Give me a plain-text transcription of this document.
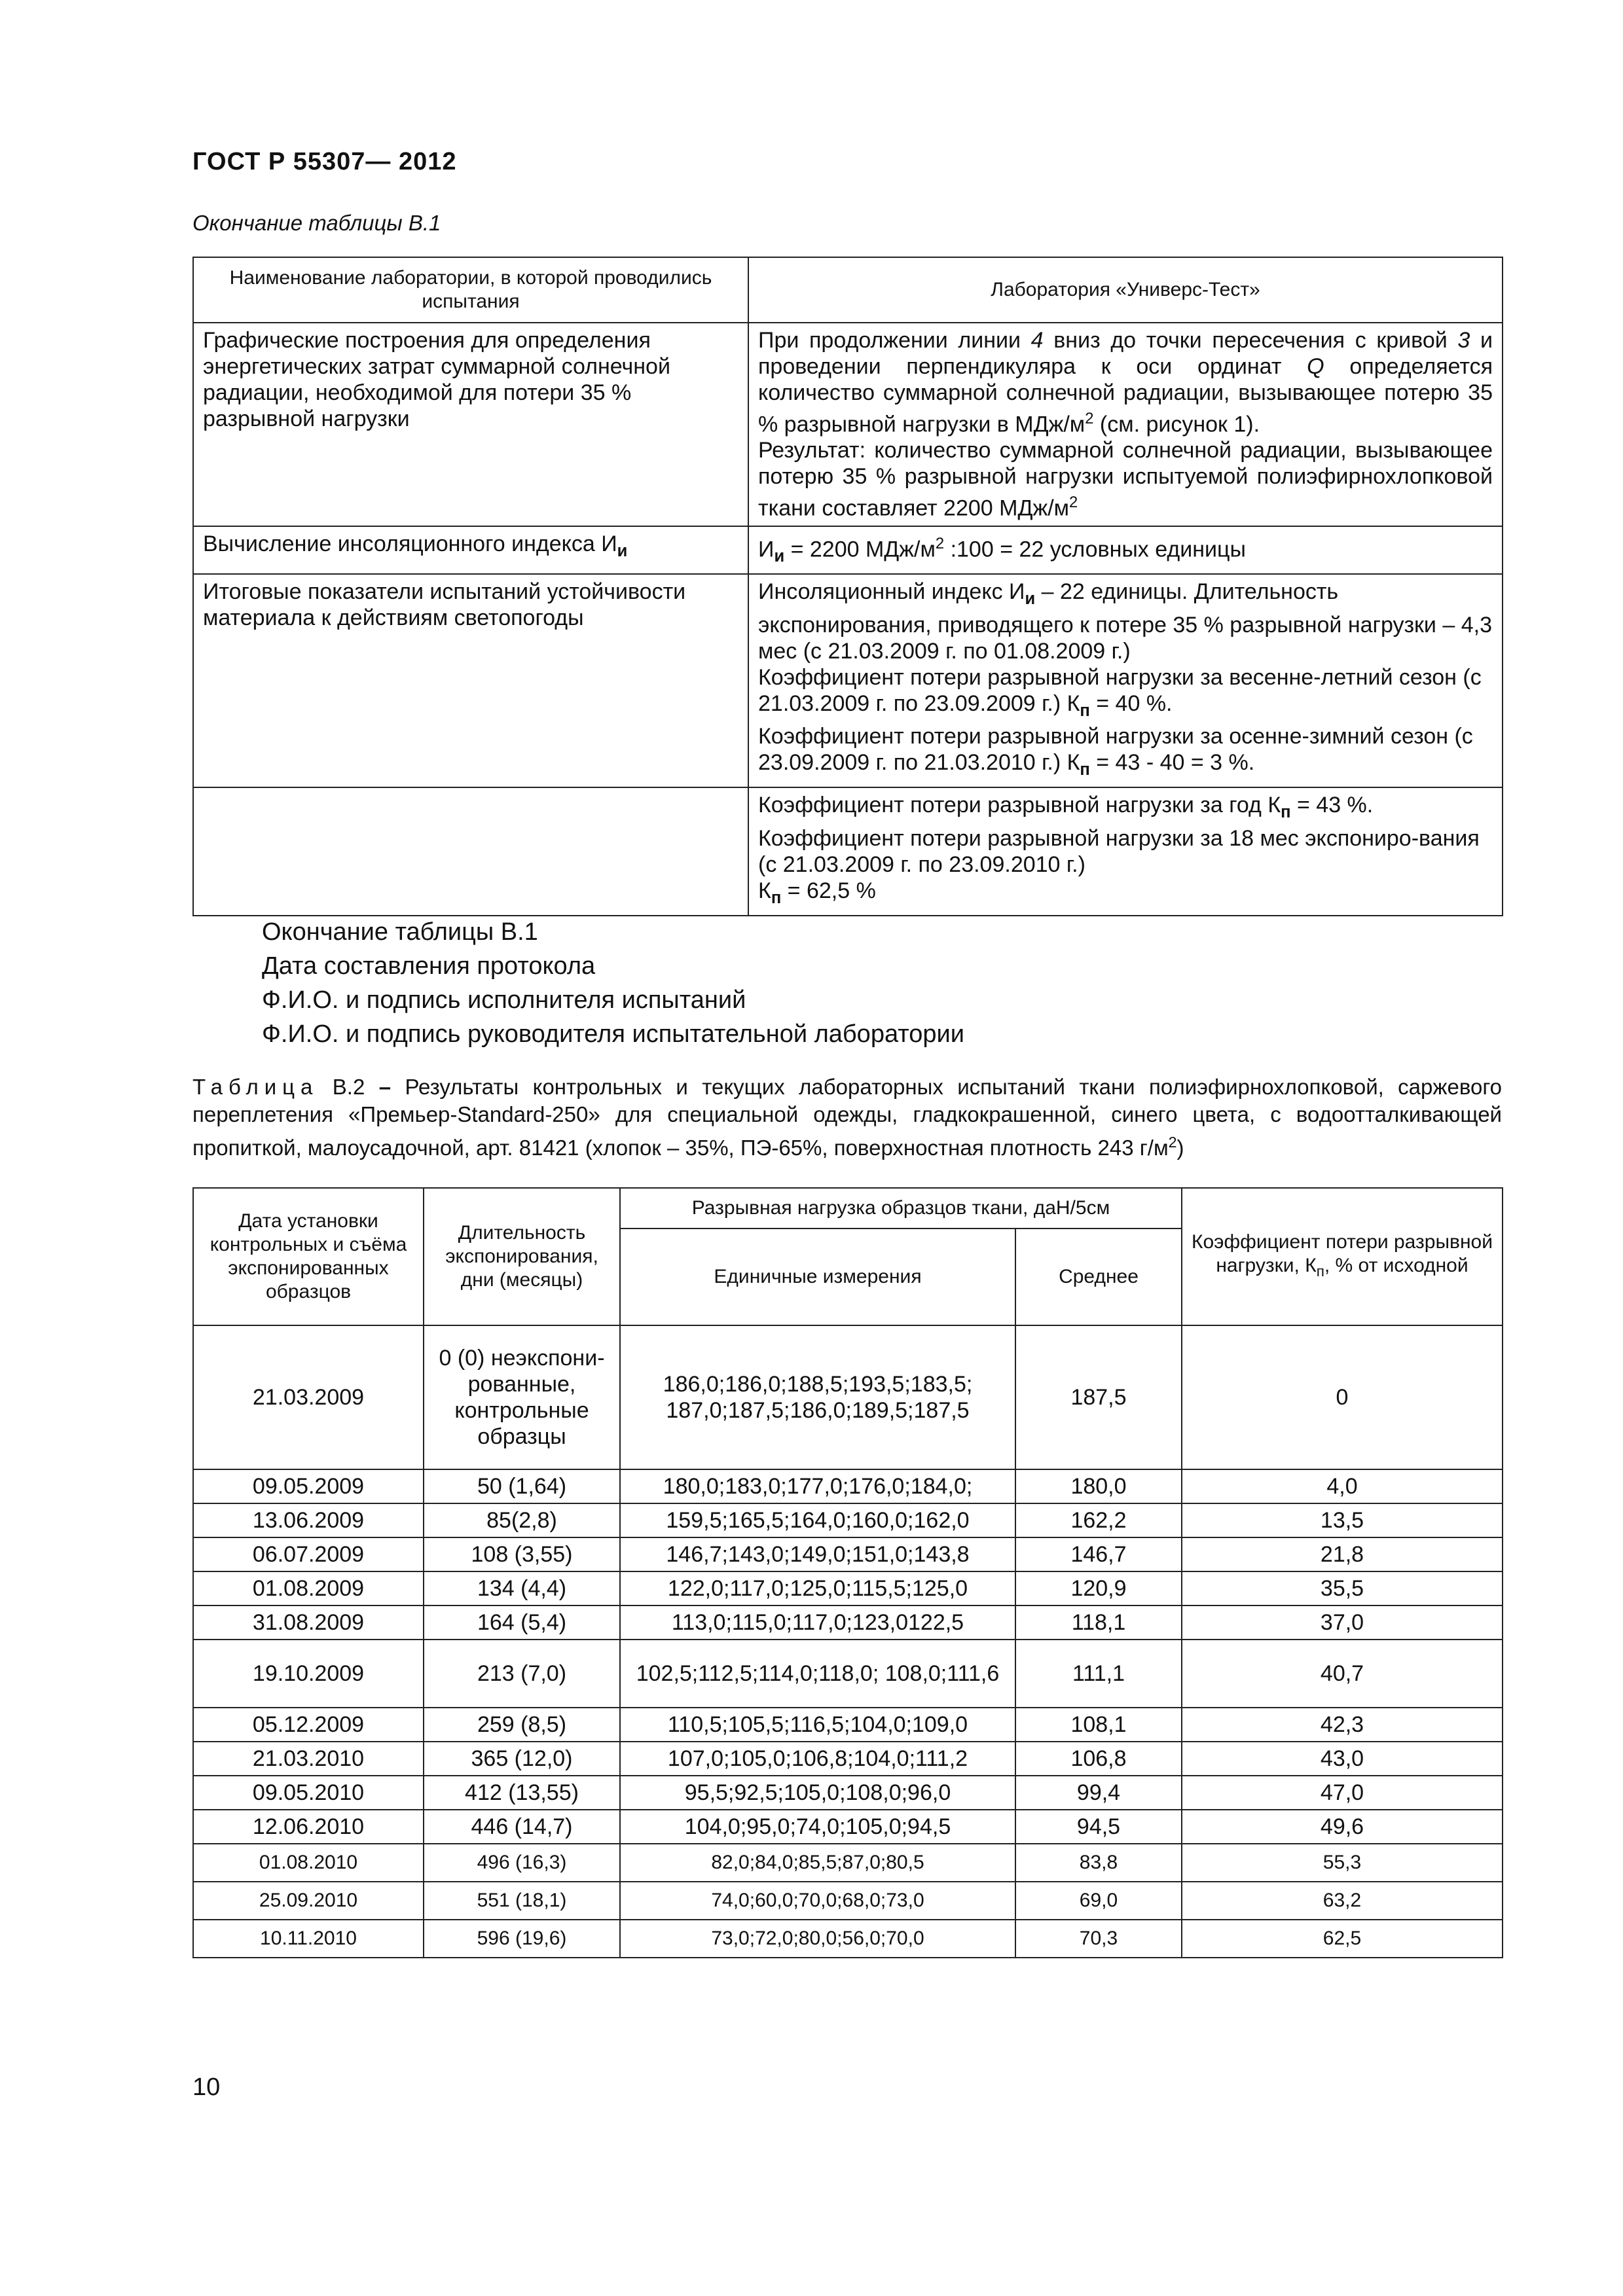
ГОСТ Р 55307— 2012
Окончание таблицы В.1
Наименование лаборатории, в которой проводились испытания	Лаборатория «Универс-Тест»
Графические построения для определения энергетических затрат суммарной солнечной радиации, необходимой для потери 35 % разрывной нагрузки	При продолжении линии 4 вниз до точки пересечения с кривой 3 и проведении перпендикуляра к оси ординат Q определяется количество суммарной солнечной радиации, вызывающее потерю 35 % разрывной нагрузки в МДж/$м^2$ (см. рисунок 1).
Результат: количество суммарной солнечной радиации, вызывающее потерю 35 % разрывной нагрузки испытуемой полиэфирнохлопковой ткани составляет 2200 МДж/$м^2$
Вычисление инсоляционного индекса $И_и$	$И_и = 2200$ МДж/$м^2$ :100 = 22 условных единицы
Итоговые показатели испытаний устойчивости материала к действиям светопогоды	Инсоляционный индекс $И_и - 22$ единицы. Длительность экспонирования, приводящего к потере 35 % разрывной нагрузки – 4,3 мес (с 21.03.2009 г. по 01.08.2009 г.)
Коэффициент потери разрывной нагрузки за весенне-летний сезон (с 21.03.2009 г. по 23.09.2009 г.) $К_п = 40$ %.
Коэффициент потери разрывной нагрузки за осенне-зимний сезон (с 23.09.2009 г. по 21.03.2010 г.) $К_п = 43 - 40 = 3$ %.
	Коэффициент потери разрывной нагрузки за год $К_п = 43$ %.
Коэффициент потери разрывной нагрузки за 18 мес экспониро-вания
(с 21.03.2009 г. по 23.09.2010 г.)
$К_п = 62,5$ %
Окончание таблицы В.1
Дата составления протокола
Ф.И.О. и подпись исполнителя испытаний
Ф.И.О. и подпись руководителя испытательной лаборатории
Таблица В.2 – Результаты контрольных и текущих лабораторных испытаний ткани полиэфирнохлопковой, саржевого переплетения «Премьер-Standard-250» для специальной одежды, гладкокрашенной, синего цвета, с водоотталкивающей пропиткой, малоусадочной, арт. 81421 (хлопок – 35%, ПЭ-65%, поверхностная плотность 243 $г/м^2$)
Дата установки контрольных и съёма экспонированных образцов	Длительность экспонирования, дни (месяцы)	Разрывная нагрузка образцов ткани, даН/5см		Коэффициент потери разрывной нагрузки, $К_п$, % от исходной
		Единичные измерения	Среднее	
21.03.2009	0 (0) неэкспони-рованные, контрольные образцы	186,0;186,0;188,5;193,5;183,5; 187,0;187,5;186,0;189,5;187,5	187,5	0
09.05.2009	50 (1,64)	180,0;183,0;177,0;176,0;184,0;	180,0	4,0
13.06.2009	85(2,8)	159,5;165,5;164,0;160,0;162,0	162,2	13,5
06.07.2009	108 (3,55)	146,7;143,0;149,0;151,0;143,8	146,7	21,8
01.08.2009	134 (4,4)	122,0;117,0;125,0;115,5;125,0	120,9	35,5
31.08.2009	164 (5,4)	113,0;115,0;117,0;123,0122,5	118,1	37,0
19.10.2009	213 (7,0)	102,5;112,5;114,0;118,0; 108,0;111,6	111,1	40,7
05.12.2009	259 (8,5)	110,5;105,5;116,5;104,0;109,0	108,1	42,3
21.03.2010	365 (12,0)	107,0;105,0;106,8;104,0;111,2	106,8	43,0
09.05.2010	412 (13,55)	95,5;92,5;105,0;108,0;96,0	99,4	47,0
12.06.2010	446 (14,7)	104,0;95,0;74,0;105,0;94,5	94,5	49,6
01.08.2010	496 (16,3)	82,0;84,0;85,5;87,0;80,5	83,8	55,3
25.09.2010	551 (18,1)	74,0;60,0;70,0;68,0;73,0	69,0	63,2
10.11.2010	596 (19,6)	73,0;72,0;80,0;56,0;70,0	70,3	62,5
10
